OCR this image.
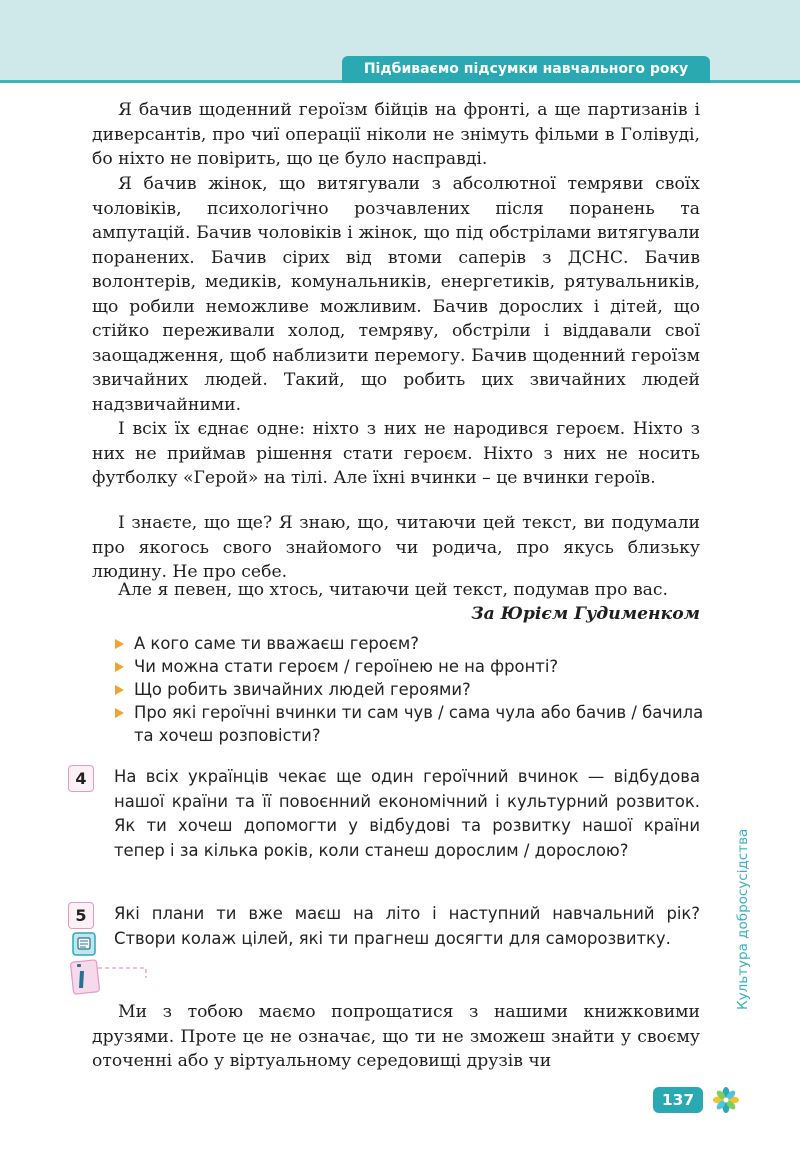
Підбиваємо підсумки навчального року

Я бачив щоденний героїзм бійців на фронті, а ще партизанів і диверсантів, про чиї операції ніколи не знімуть фільми в Голівуді, бо ніхто не повірить, що це було насправді.

Я бачив жінок, що витягували з абсолютної темряви своїх чоловіків, психологічно розчавлених після поранень та ампутацій. Бачив чоловіків і жінок, що під обстрілами витягували поранених. Бачив сірих від втоми саперів з ДСНС. Бачив волонтерів, медиків, комунальників, енергетиків, рятувальників, що робили неможливе можливим. Бачив дорослих і дітей, що стійко переживали холод, темряву, обстріли і віддавали свої заощадження, щоб наблизити перемогу. Бачив щоденний героїзм звичайних людей. Такий, що робить цих звичайних людей надзвичайними.

І всіх їх єднає одне: ніхто з них не народився героєм. Ніхто з них не приймав рішення стати героєм. Ніхто з них не носить футболку «Герой» на тілі. Але їхні вчинки – це вчинки героїв.

І знаєте, що ще? Я знаю, що, читаючи цей текст, ви подумали про якогось свого знайомого чи родича, про якусь близьку людину. Не про себе.

Але я певен, що хтось, читаючи цей текст, подумав про вас.

За Юрієм Гудименком
А кого саме ти вважаєш героєм?
Чи можна стати героєм / героїнею не на фронті?
Що робить звичайних людей героями?
Про які героїчні вчинки ти сам чув / сама чула або бачив / бачила та хочеш розповісти?
4	На всіх українців чекає ще один героїчний вчинок — відбудова нашої країни та її повоєнний економічний і культурний розвиток. Як ти хочеш допомогти у відбудові та розвитку нашої країни тепер і за кілька років, коли станеш дорослим / дорослою?

5	Які плани ти вже маєш на літо і наступний навчальний рік? Створи колаж цілей, які ти прагнеш досягти для саморозвитку.

Ми з тобою маємо попрощатися з нашими книжковими друзями. Проте це не означає, що ти не зможеш знайти у своєму оточенні або у віртуальному середовищі друзів чи

Культура добросусідства
137
